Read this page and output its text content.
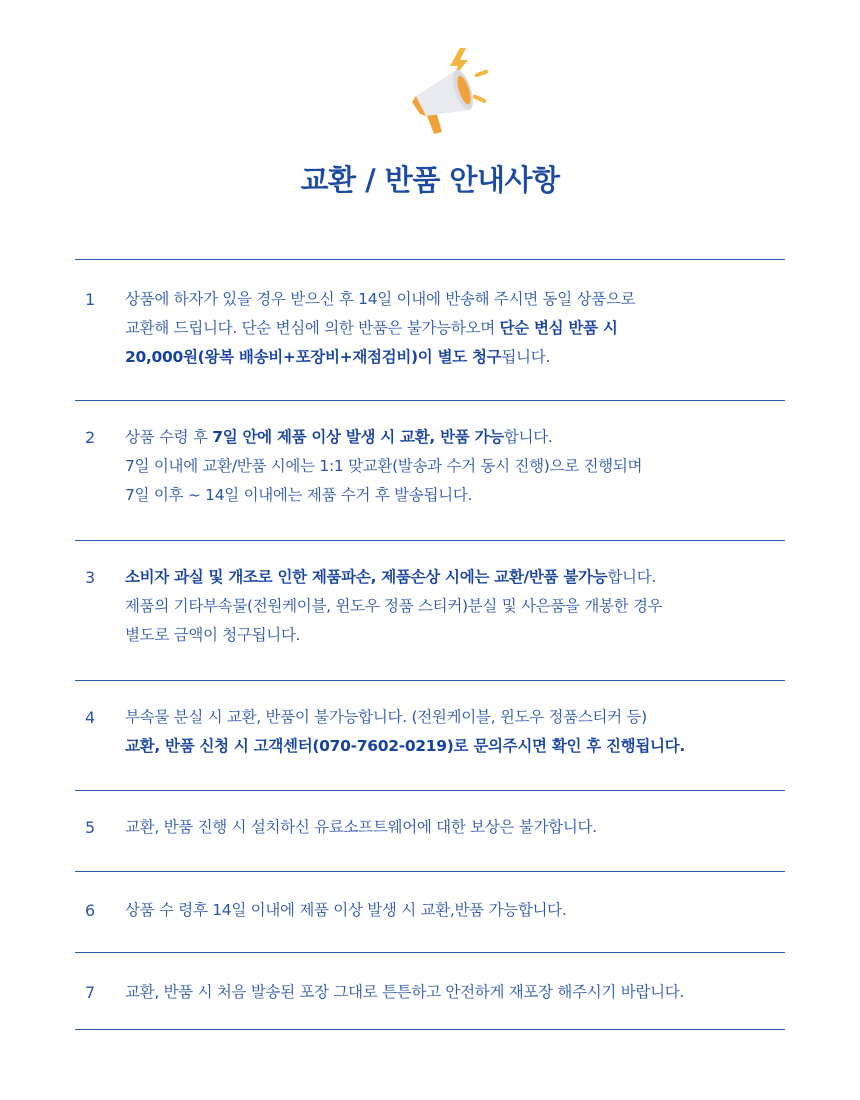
교환 / 반품 안내사항
1	상품에 하자가 있을 경우 받으신 후 14일 이내에 반송해 주시면 동일 상품으로
교환해 드립니다. 단순 변심에 의한 반품은 불가능하오며 단순 변심 반품 시
20,000원(왕복 배송비+포장비+재점검비)이 별도 청구됩니다.
2	상품 수령 후 7일 안에 제품 이상 발생 시 교환, 반품 가능합니다.
7일 이내에 교환/반품 시에는 1:1 맞교환(발송과 수거 동시 진행)으로 진행되며
7일 이후 ~ 14일 이내에는 제품 수거 후 발송됩니다.
3	소비자 과실 및 개조로 인한 제품파손, 제품손상 시에는 교환/반품 불가능합니다.
제품의 기타부속물(전원케이블, 윈도우 정품 스티커)분실 및 사은품을 개봉한 경우
별도로 금액이 청구됩니다.
4	부속물 분실 시 교환, 반품이 불가능합니다. (전원케이블, 윈도우 정품스티커 등)
교환, 반품 신청 시 고객센터(070-7602-0219)로 문의주시면 확인 후 진행됩니다.
5	교환, 반품 진행 시 설치하신 유료소프트웨어에 대한 보상은 불가합니다.
6	상품 수 령후 14일 이내에 제품 이상 발생 시 교환,반품 가능합니다.
7	교환, 반품 시 처음 발송된 포장 그대로 튼튼하고 안전하게 재포장 해주시기 바랍니다.
